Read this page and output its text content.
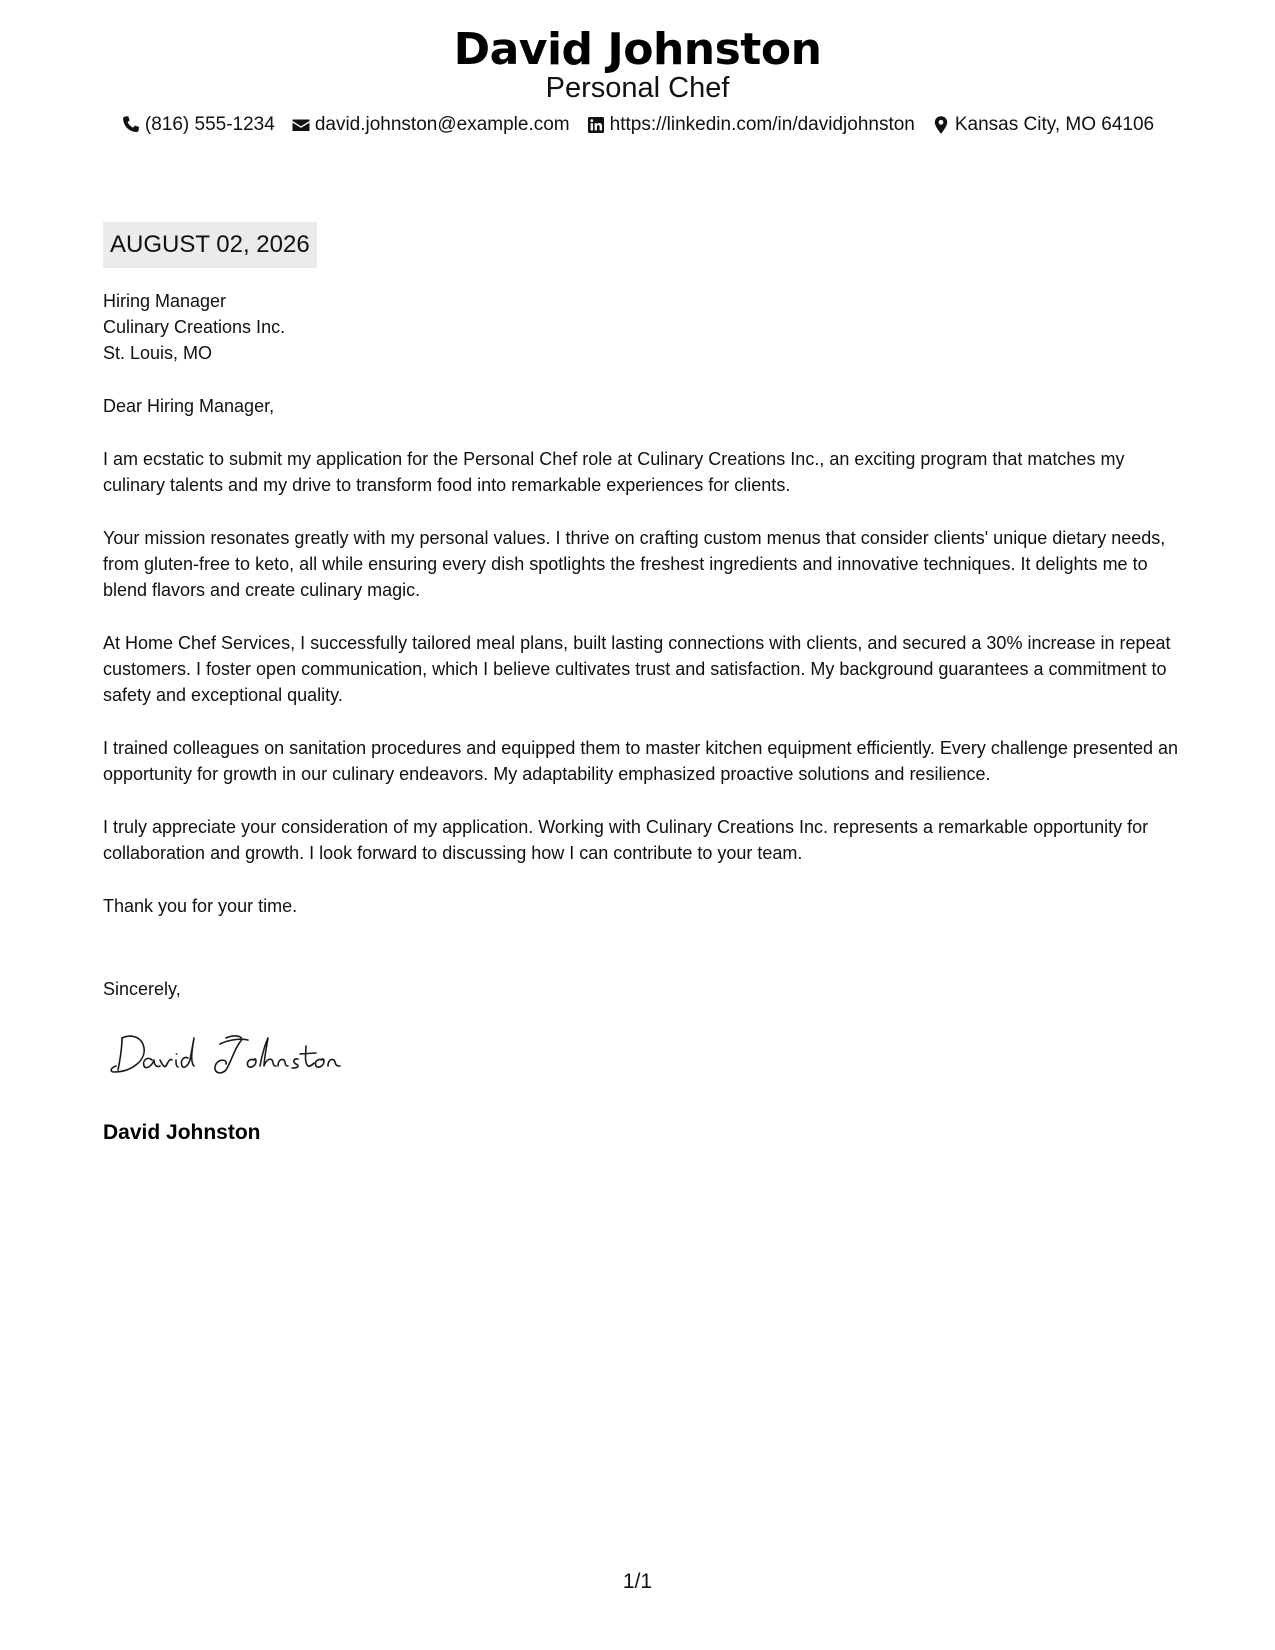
David Johnston
Personal Chef
(816) 555-1234 david.johnston@example.com https://linkedin.com/in/davidjohnston Kansas City, MO 64106
AUGUST 02, 2026
Hiring Manager
Culinary Creations Inc.
St. Louis, MO

Dear Hiring Manager,

I am ecstatic to submit my application for the Personal Chef role at Culinary Creations Inc., an exciting program that matches my culinary talents and my drive to transform food into remarkable experiences for clients.

Your mission resonates greatly with my personal values. I thrive on crafting custom menus that consider clients' unique dietary needs, from gluten-free to keto, all while ensuring every dish spotlights the freshest ingredients and innovative techniques. It delights me to blend flavors and create culinary magic.

At Home Chef Services, I successfully tailored meal plans, built lasting connections with clients, and secured a 30% increase in repeat customers. I foster open communication, which I believe cultivates trust and satisfaction. My background guarantees a commitment to safety and exceptional quality.

I trained colleagues on sanitation procedures and equipped them to master kitchen equipment efficiently. Every challenge presented an opportunity for growth in our culinary endeavors. My adaptability emphasized proactive solutions and resilience.

I truly appreciate your consideration of my application. Working with Culinary Creations Inc. represents a remarkable opportunity for collaboration and growth. I look forward to discussing how I can contribute to your team.

Thank you for your time.

Sincerely,
David Johnston
1/1
